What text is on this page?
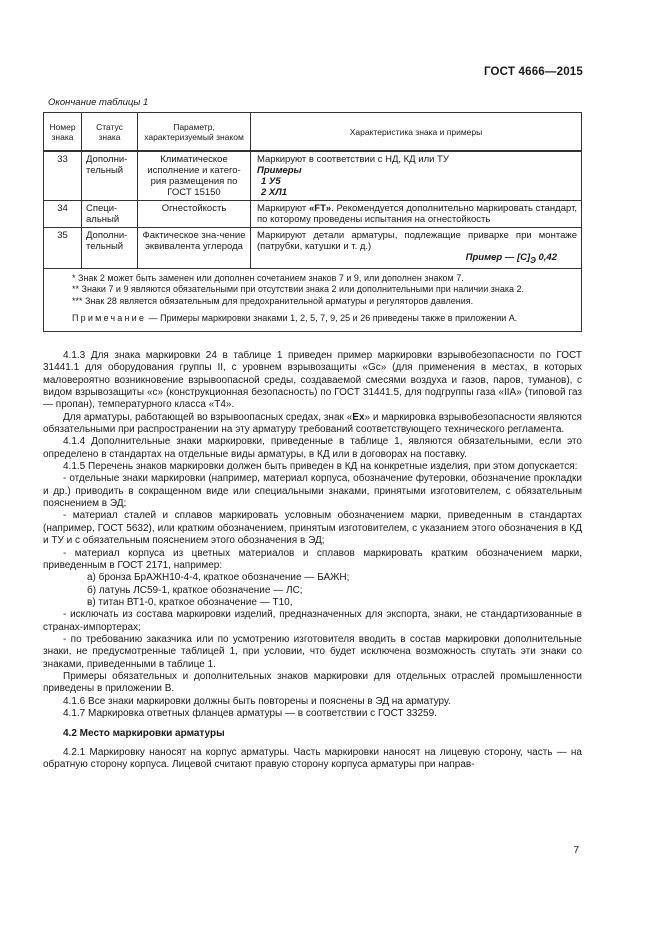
ГОСТ 4666—2015
Окончание таблицы 1
Номер знака	Статус знака	Параметр, характеризуемый знаком	Характеристика знака и примеры
33	Дополни-тельный	Климатическое исполнение и катего-рия размещения по ГОСТ 15150	Маркируют в соответствии с НД, КД или ТУ
Примеры
1 У5
2 ХЛ1

34	Специ-альный	Огнестойкость	Маркируют «FT». Рекомендуется дополнительно маркировать стандарт, по которому проведены испытания на огнестойкость
35	Дополни-тельный	Фактическое зна-чение эквивалента углерода	Маркируют детали арматуры, подлежащие приварке при монтаже (патрубки, катушки и т. д.)
Пример — $[C]_Э$ 0,42

* Знак 2 может быть заменен или дополнен сочетанием знаков 7 и 9, или дополнен знаком 7.
** Знаки 7 и 9 являются обязательными при отсутствии знака 2 или дополнительными при наличии знака 2.
*** Знак 28 является обязательным для предохранительной арматуры и регуляторов давления.
Примечание — Примеры маркировки знаками 1, 2, 5, 7, 9, 25 и 26 приведены также в приложении А.			

4.1.3 Для знака маркировки 24 в таблице 1 приведен пример маркировки взрывобезопасности по ГОСТ 31441.1 для оборудования группы II, с уровнем взрывозащиты «Gc» (для применения в местах, в которых маловероятно возникновение взрывоопасной среды, создаваемой смесями воздуха и газов, паров, туманов), с видом взрывозащиты «c» (конструкционная безопасность) по ГОСТ 31441.5, для подгруппы газа «IIA» (типовой газ — пропан), температурного класса «T4».

Для арматуры, работающей во взрывоопасных средах, знак «Ex» и маркировка взрывобезопасности являются обязательными при распространении на эту арматуру требований соответствующего технического регламента.

4.1.4 Дополнительные знаки маркировки, приведенные в таблице 1, являются обязательными, если это определено в стандартах на отдельные виды арматуры, в КД или в договорах на поставку.

4.1.5 Перечень знаков маркировки должен быть приведен в КД на конкретные изделия, при этом допускается:

- отдельные знаки маркировки (например, материал корпуса, обозначение футеровки, обозначение прокладки и др.) приводить в сокращенном виде или специальными знаками, принятыми изготовителем, с обязательным пояснением в ЭД;

- материал сталей и сплавов маркировать условным обозначением марки, приведенным в стандартах (например, ГОСТ 5632), или кратким обозначением, принятым изготовителем, с указанием этого обозначения в КД и ТУ и с обязательным пояснением этого обозначения в ЭД;

- материал корпуса из цветных материалов и сплавов маркировать кратким обозначением марки, приведенным в ГОСТ 2171, например:

а) бронза БрАЖН10-4-4, краткое обозначение — БАЖН;

б) латунь ЛС59-1, краткое обозначение — ЛС;

в) титан ВТ1-0, краткое обозначение — Т10,

- исключать из состава маркировки изделий, предназначенных для экспорта, знаки, не стандартизованные в странах-импортерах;

- по требованию заказчика или по усмотрению изготовителя вводить в состав маркировки дополнительные знаки, не предусмотренные таблицей 1, при условии, что будет исключена возможность спутать эти знаки со знаками, приведенными в таблице 1.

Примеры обязательных и дополнительных знаков маркировки для отдельных отраслей промышленности приведены в приложении В.

4.1.6 Все знаки маркировки должны быть повторены и пояснены в ЭД на арматуру.

4.1.7 Маркировка ответных фланцев арматуры — в соответствии с ГОСТ 33259.

4.2 Место маркировки арматуры

4.2.1 Маркировку наносят на корпус арматуры. Часть маркировки наносят на лицевую сторону, часть — на обратную сторону корпуса. Лицевой считают правую сторону корпуса арматуры при направ-

7
